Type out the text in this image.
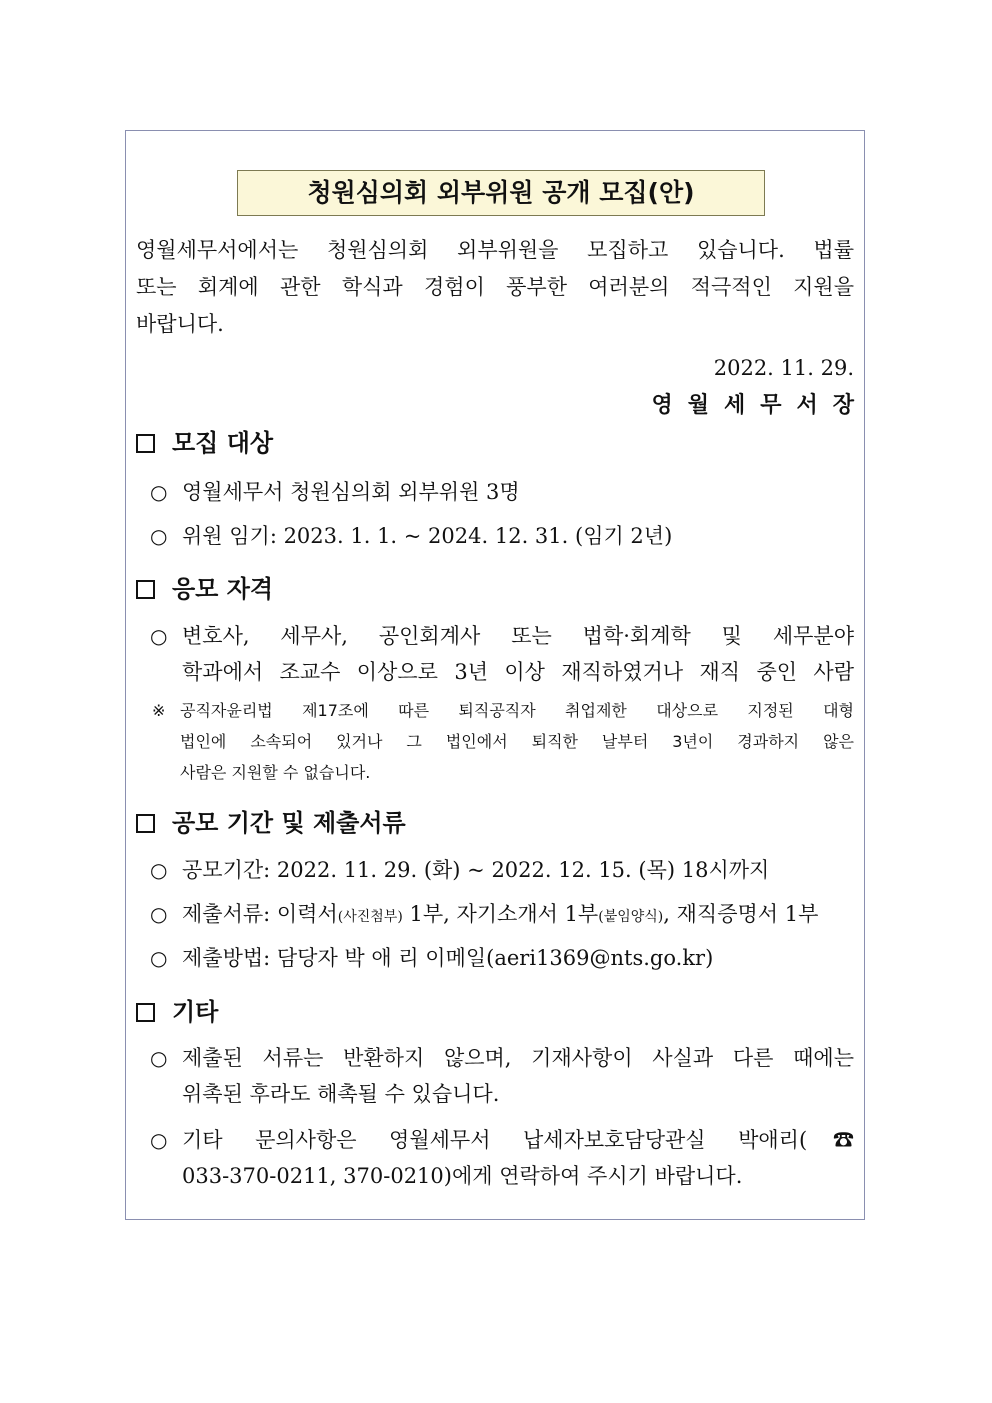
청원심의회 외부위원 공개 모집(안)
영월세무서에서는 청원심의회 외부위원을 모집하고 있습니다. 법률
또는 회계에 관한 학식과 경험이 풍부한 여러분의 적극적인 지원을
바랍니다.
2022. 11. 29.
영월세무서장
모집 대상
○ 영월세무서 청원심의회 외부위원 3명
○ 위원 임기: 2023. 1. 1. ~ 2024. 12. 31. (임기 2년)
응모 자격
○ 변호사, 세무사, 공인회계사 또는 법학·회계학 및 세무분야
학과에서 조교수 이상으로 3년 이상 재직하였거나 재직 중인 사람
※ 공직자윤리법 제17조에 따른 퇴직공직자 취업제한 대상으로 지정된 대형
법인에 소속되어 있거나 그 법인에서 퇴직한 날부터 3년이 경과하지 않은
사람은 지원할 수 없습니다.
공모 기간 및 제출서류
○ 공모기간: 2022. 11. 29. (화) ~ 2022. 12. 15. (목) 18시까지
○ 제출서류: 이력서(사진첨부) 1부, 자기소개서 1부(붙임양식), 재직증명서 1부
○ 제출방법: 담당자 박 애 리 이메일(aeri1369@nts.go.kr)
기타
○ 제출된 서류는 반환하지 않으며, 기재사항이 사실과 다른 때에는
위촉된 후라도 해촉될 수 있습니다.
○ 기타 문의사항은 영월세무서 납세자보호담당관실 박애리(☎
033-370-0211, 370-0210)에게 연락하여 주시기 바랍니다.
